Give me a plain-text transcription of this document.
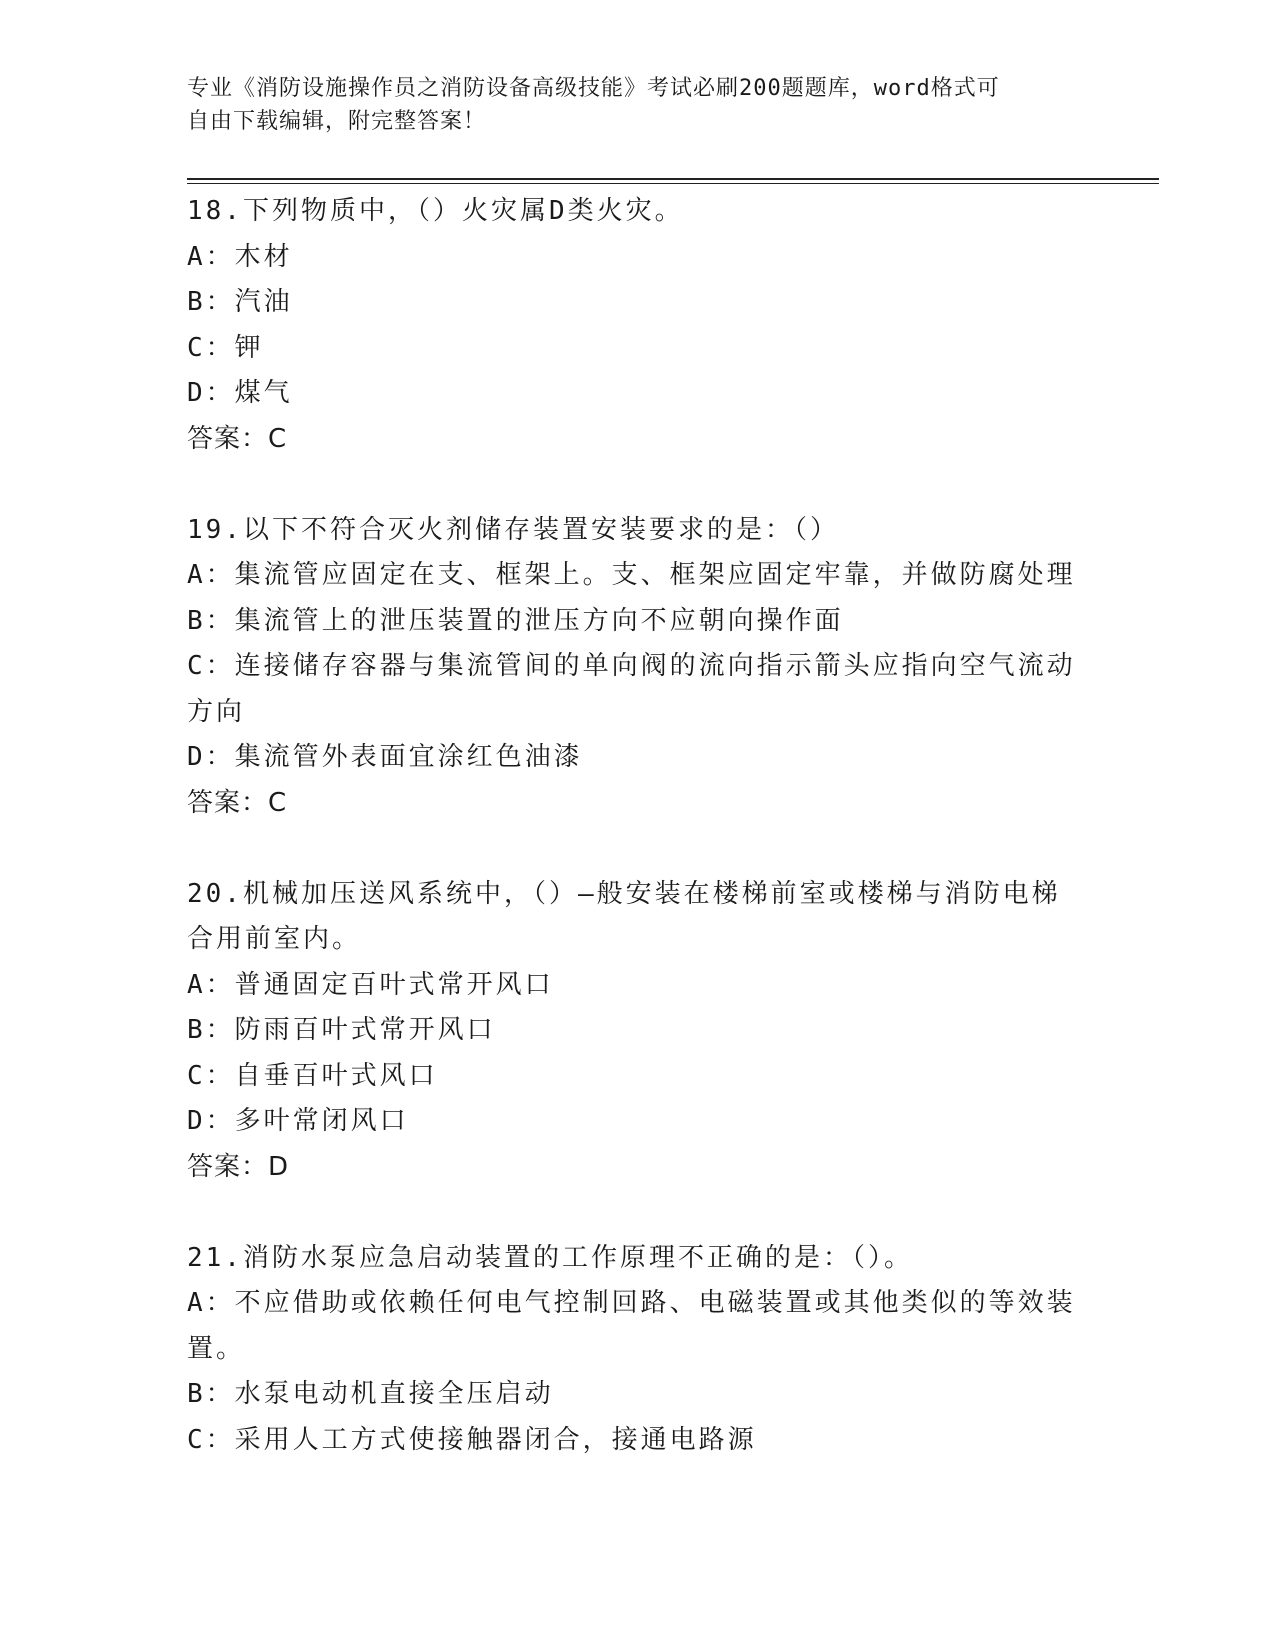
专业《消防设施操作员之消防设备高级技能》考试必刷200题题库，word格式可
自由下载编辑，附完整答案！

18.下列物质中，（）火灾属D类火灾。

A：木材

B：汽油

C：钾

D：煤气

答案：C

19.以下不符合灭火剂储存装置安装要求的是：（）

A：集流管应固定在支、框架上。支、框架应固定牢靠，并做防腐处理

B：集流管上的泄压装置的泄压方向不应朝向操作面

C：连接储存容器与集流管间的单向阀的流向指示箭头应指向空气流动

方向

D：集流管外表面宜涂红色油漆

答案：C

20.机械加压送风系统中，（）—般安装在楼梯前室或楼梯与消防电梯

合用前室内。

A：普通固定百叶式常开风口

B：防雨百叶式常开风口

C：自垂百叶式风口

D：多叶常闭风口

答案：D

21.消防水泵应急启动装置的工作原理不正确的是：（）。

A：不应借助或依赖任何电气控制回路、电磁装置或其他类似的等效装

置。

B：水泵电动机直接全压启动

C：采用人工方式使接触器闭合，接通电路源
